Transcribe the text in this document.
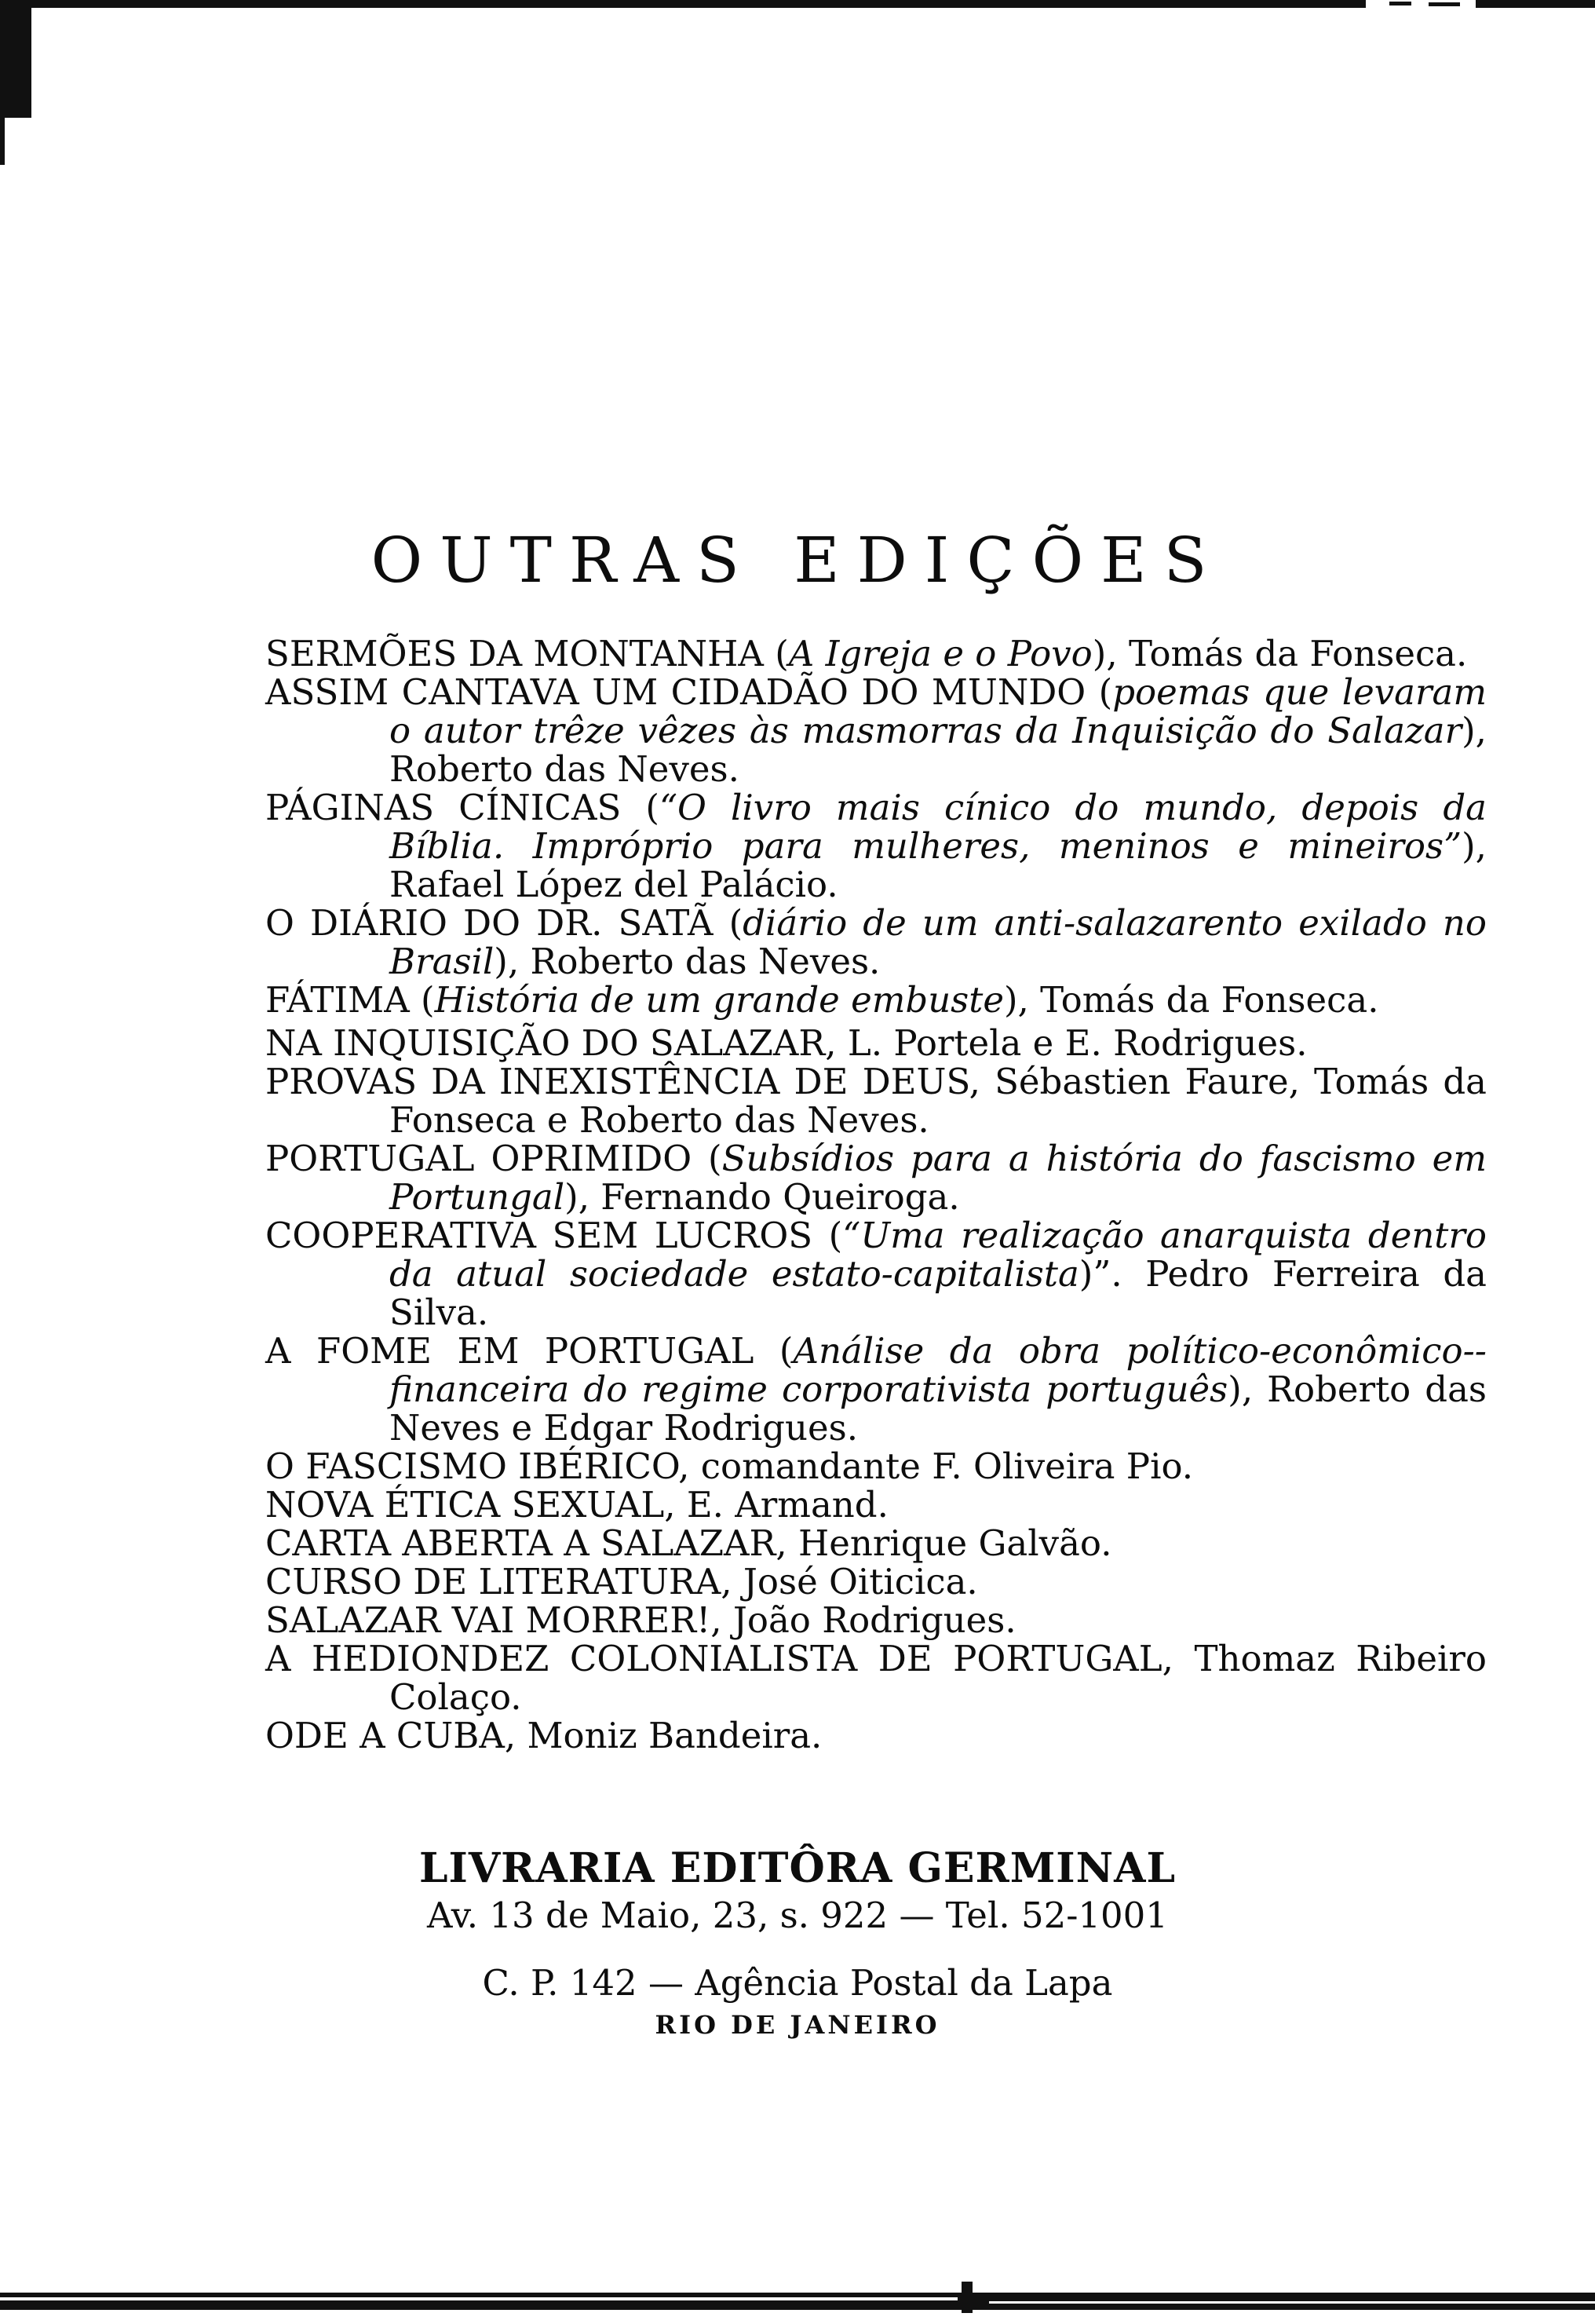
OUTRAS EDIÇÕES

SERMÕES DA MONTANHA (A Igreja e o Povo), Tomás da Fonseca.

ASSIM CANTAVA UM CIDADÃO DO MUNDO (poemas que levaram o autor trêze vêzes às masmorras da Inquisição do Salazar), Roberto das Neves.

PÁGINAS CÍNICAS (“O livro mais cínico do mundo, depois da Bíblia. Impróprio para mulheres, meninos e mineiros”), Rafael López del Palácio.

O DIÁRIO DO DR. SATÃ (diário de um anti-salazarento exilado no Brasil), Roberto das Neves.

FÁTIMA (História de um grande embuste), Tomás da Fonseca.

NA INQUISIÇÃO DO SALAZAR, L. Portela e E. Rodrigues.

PROVAS DA INEXISTÊNCIA DE DEUS, Sébastien Faure, Tomás da Fonseca e Roberto das Neves.

PORTUGAL OPRIMIDO (Subsídios para a história do fascismo em Portungal), Fernando Queiroga.

COOPERATIVA SEM LUCROS (“Uma realização anarquista dentro da atual sociedade estato-capitalista)”. Pedro Ferreira da Silva.

A FOME EM PORTUGAL (Análise da obra político-econômico--financeira do regime corporativista português), Roberto das Neves e Edgar Rodrigues.

O FASCISMO IBÉRICO, comandante F. Oliveira Pio.

NOVA ÉTICA SEXUAL, E. Armand.

CARTA ABERTA A SALAZAR, Henrique Galvão.

CURSO DE LITERATURA, José Oiticica.

SALAZAR VAI MORRER!, João Rodrigues.

A HEDIONDEZ COLONIALISTA DE PORTUGAL, Thomaz Ribeiro Colaço.

ODE A CUBA, Moniz Bandeira.

LIVRARIA EDITÔRA GERMINAL
Av. 13 de Maio, 23, s. 922 — Tel. 52-1001
C. P. 142 — Agência Postal da Lapa
RIO DE JANEIRO
